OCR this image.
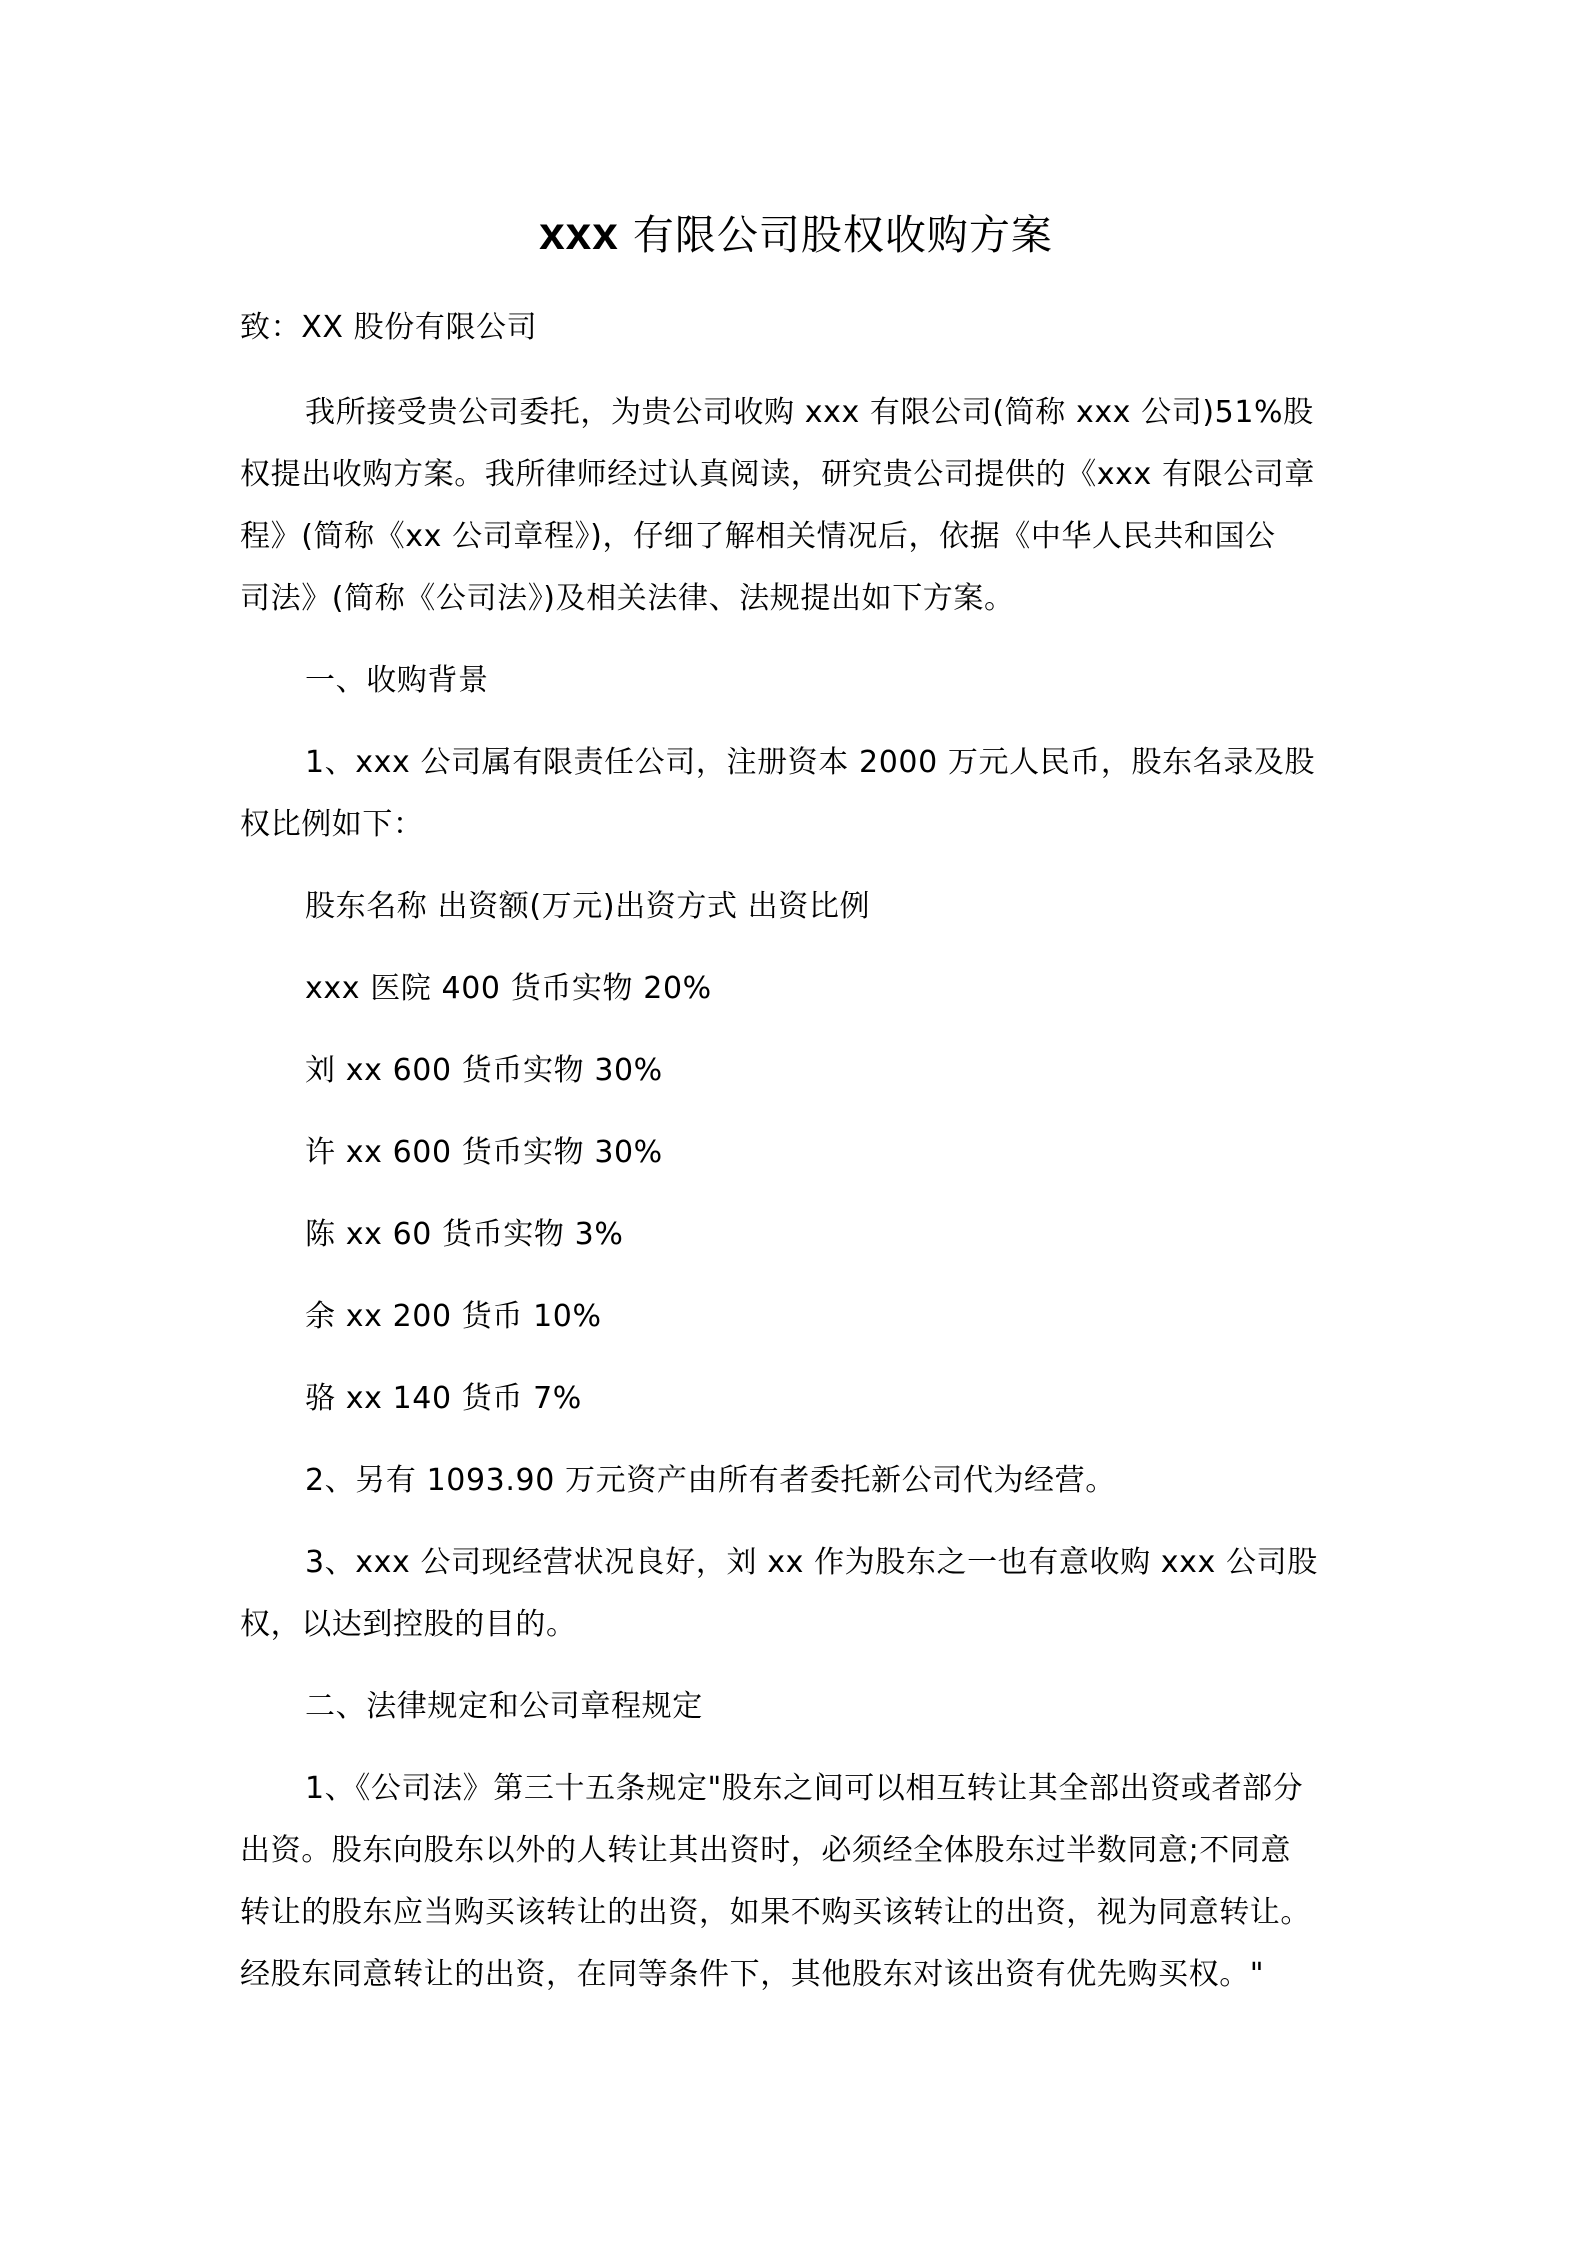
xxx 有限公司股权收购方案

致：XX 股份有限公司

我所接受贵公司委托，为贵公司收购 xxx 有限公司(简称 xxx 公司)51%股

权提出收购方案。我所律师经过认真阅读，研究贵公司提供的《xxx 有限公司章

程》(简称《xx 公司章程》)，仔细了解相关情况后，依据《中华人民共和国公

司法》(简称《公司法》)及相关法律、法规提出如下方案。

一、收购背景

1、xxx 公司属有限责任公司，注册资本 2000 万元人民币，股东名录及股

权比例如下：

股东名称 出资额(万元)出资方式 出资比例

xxx 医院 400 货币实物 20%

刘 xx 600 货币实物 30%

许 xx 600 货币实物 30%

陈 xx 60 货币实物 3%

余 xx 200 货币 10%

骆 xx 140 货币 7%

2、另有 1093.90 万元资产由所有者委托新公司代为经营。

3、xxx 公司现经营状况良好，刘 xx 作为股东之一也有意收购 xxx 公司股

权，以达到控股的目的。

二、法律规定和公司章程规定

1、《公司法》第三十五条规定"股东之间可以相互转让其全部出资或者部分

出资。股东向股东以外的人转让其出资时，必须经全体股东过半数同意;不同意

转让的股东应当购买该转让的出资，如果不购买该转让的出资，视为同意转让。

经股东同意转让的出资，在同等条件下，其他股东对该出资有优先购买权。"
